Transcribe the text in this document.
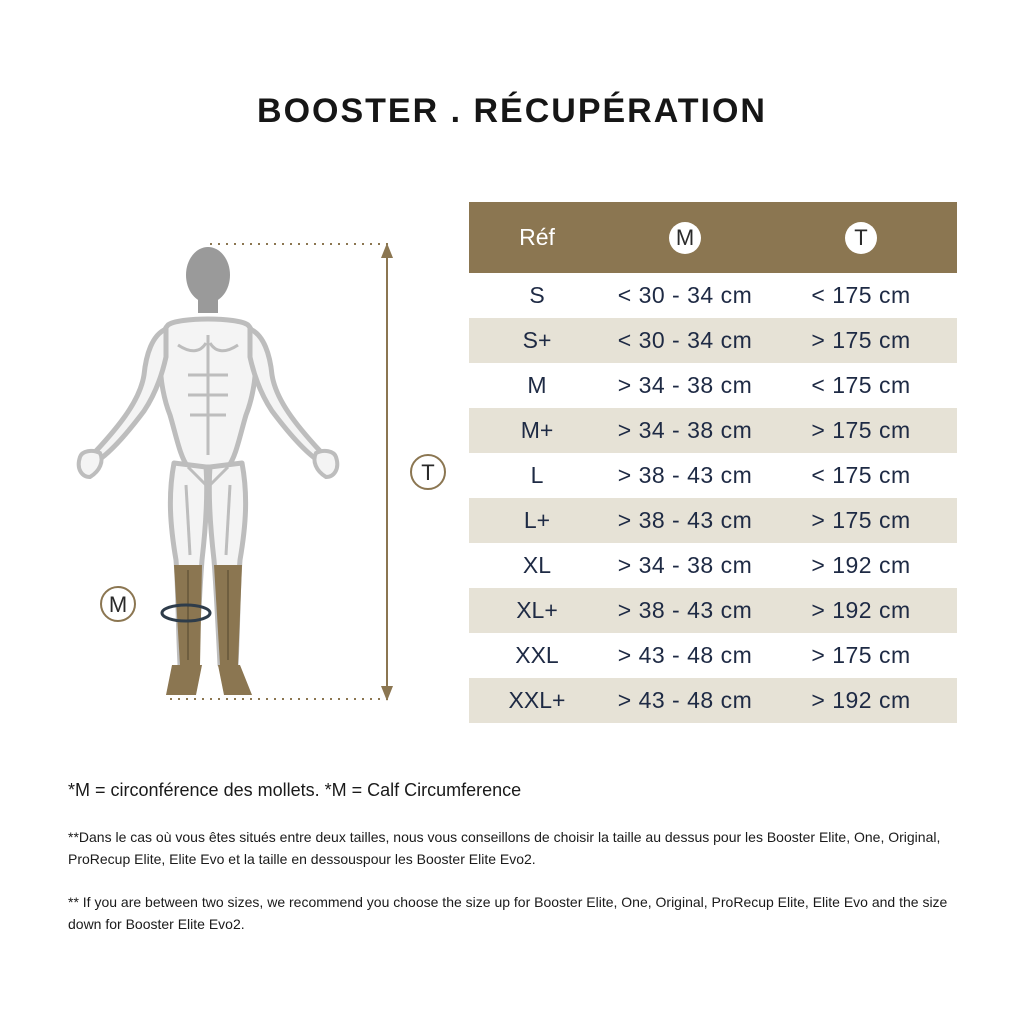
BOOSTER . RÉCUPÉRATION
T
M
Réf	M	T
S	< 30 - 34 cm	< 175 cm
S+	< 30 - 34 cm	> 175 cm
M	> 34 - 38 cm	< 175 cm
M+	> 34 - 38 cm	> 175 cm
L	> 38 - 43 cm	< 175 cm
L+	> 38 - 43 cm	> 175 cm
XL	> 34 - 38 cm	> 192 cm
XL+	> 38 - 43 cm	> 192 cm
XXL	> 43 - 48 cm	> 175 cm
XXL+	> 43 - 48 cm	> 192 cm
*M = circonférence des mollets. *M = Calf Circumference
**Dans le cas où vous êtes situés entre deux tailles, nous vous conseillons de choisir la taille au dessus pour les Booster Elite, One, Original, ProRecup Elite, Elite Evo et la taille en dessouspour les Booster Elite Evo2.
** If you are between two sizes, we recommend you choose the size up for Booster Elite, One, Original, ProRecup Elite, Elite Evo and the size down for Booster Elite Evo2.
